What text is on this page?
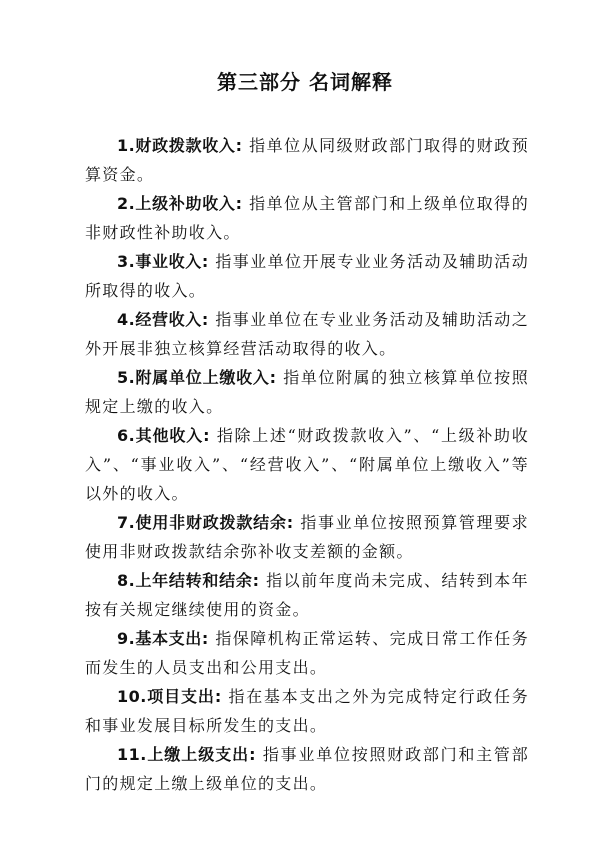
第三部分 名词解释

1.财政拨款收入: 指单位从同级财政部门取得的财政预算资金。

2.上级补助收入: 指单位从主管部门和上级单位取得的非财政性补助收入。

3.事业收入: 指事业单位开展专业业务活动及辅助活动所取得的收入。

4.经营收入: 指事业单位在专业业务活动及辅助活动之外开展非独立核算经营活动取得的收入。

5.附属单位上缴收入: 指单位附属的独立核算单位按照规定上缴的收入。

6.其他收入: 指除上述“财政拨款收入”、“上级补助收入”、“事业收入”、“经营收入”、“附属单位上缴收入”等以外的收入。

7.使用非财政拨款结余: 指事业单位按照预算管理要求使用非财政拨款结余弥补收支差额的金额。

8.上年结转和结余: 指以前年度尚未完成、结转到本年按有关规定继续使用的资金。

9.基本支出: 指保障机构正常运转、完成日常工作任务而发生的人员支出和公用支出。

10.项目支出: 指在基本支出之外为完成特定行政任务和事业发展目标所发生的支出。

11.上缴上级支出: 指事业单位按照财政部门和主管部门的规定上缴上级单位的支出。
